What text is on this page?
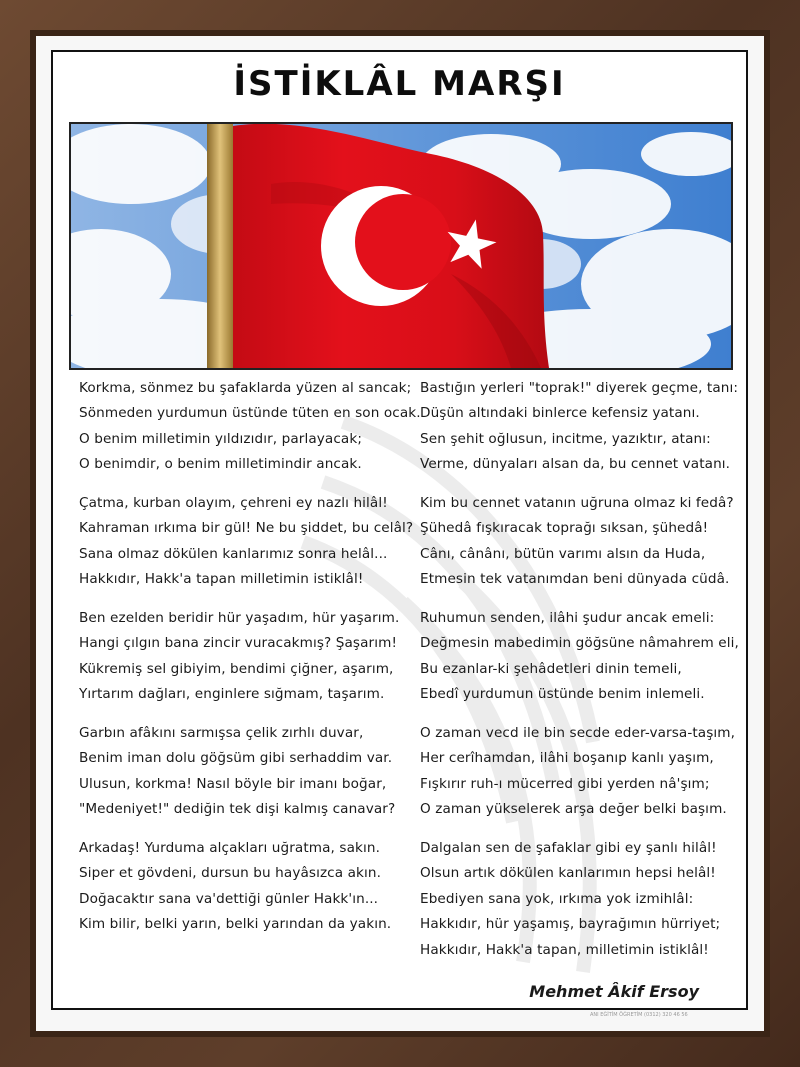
İSTİKLÂL MARŞI
Korkma, sönmez bu şafaklarda yüzen al sancak;
Sönmeden yurdumun üstünde tüten en son ocak.
O benim milletimin yıldızıdır, parlayacak;
O benimdir, o benim milletimindir ancak.
Çatma, kurban olayım, çehreni ey nazlı hilâl!
Kahraman ırkıma bir gül! Ne bu şiddet, bu celâl?
Sana olmaz dökülen kanlarımız sonra helâl...
Hakkıdır, Hakk'a tapan milletimin istiklâl!
Ben ezelden beridir hür yaşadım, hür yaşarım.
Hangi çılgın bana zincir vuracakmış? Şaşarım!
Kükremiş sel gibiyim, bendimi çiğner, aşarım,
Yırtarım dağları, enginlere sığmam, taşarım.
Garbın afâkını sarmışsa çelik zırhlı duvar,
Benim iman dolu göğsüm gibi serhaddim var.
Ulusun, korkma! Nasıl böyle bir imanı boğar,
"Medeniyet!" dediğin tek dişi kalmış canavar?
Arkadaş! Yurduma alçakları uğratma, sakın.
Siper et gövdeni, dursun bu hayâsızca akın.
Doğacaktır sana va'dettiği günler Hakk'ın...
Kim bilir, belki yarın, belki yarından da yakın.
Bastığın yerleri "toprak!" diyerek geçme, tanı:
Düşün altındaki binlerce kefensiz yatanı.
Sen şehit oğlusun, incitme, yazıktır, atanı:
Verme, dünyaları alsan da, bu cennet vatanı.
Kim bu cennet vatanın uğruna olmaz ki fedâ?
Şühedâ fışkıracak toprağı sıksan, şühedâ!
Cânı, cânânı, bütün varımı alsın da Huda,
Etmesin tek vatanımdan beni dünyada cüdâ.
Ruhumun senden, ilâhi şudur ancak emeli:
Değmesin mabedimin göğsüne nâmahrem eli,
Bu ezanlar-ki şehâdetleri dinin temeli,
Ebedî yurdumun üstünde benim inlemeli.
O zaman vecd ile bin secde eder-varsa-taşım,
Her cerîhamdan, ilâhi boşanıp kanlı yaşım,
Fışkırır ruh-ı mücerred gibi yerden nâ'şım;
O zaman yükselerek arşa değer belki başım.
Dalgalan sen de şafaklar gibi ey şanlı hilâl!
Olsun artık dökülen kanlarımın hepsi helâl!
Ebediyen sana yok, ırkıma yok izmihlâl:
Hakkıdır, hür yaşamış, bayrağımın hürriyet;
Hakkıdır, Hakk'a tapan, milletimin istiklâl!
Mehmet Âkif Ersoy
ANI EĞİTİM ÖĞRETİM (0312) 320 46 56
